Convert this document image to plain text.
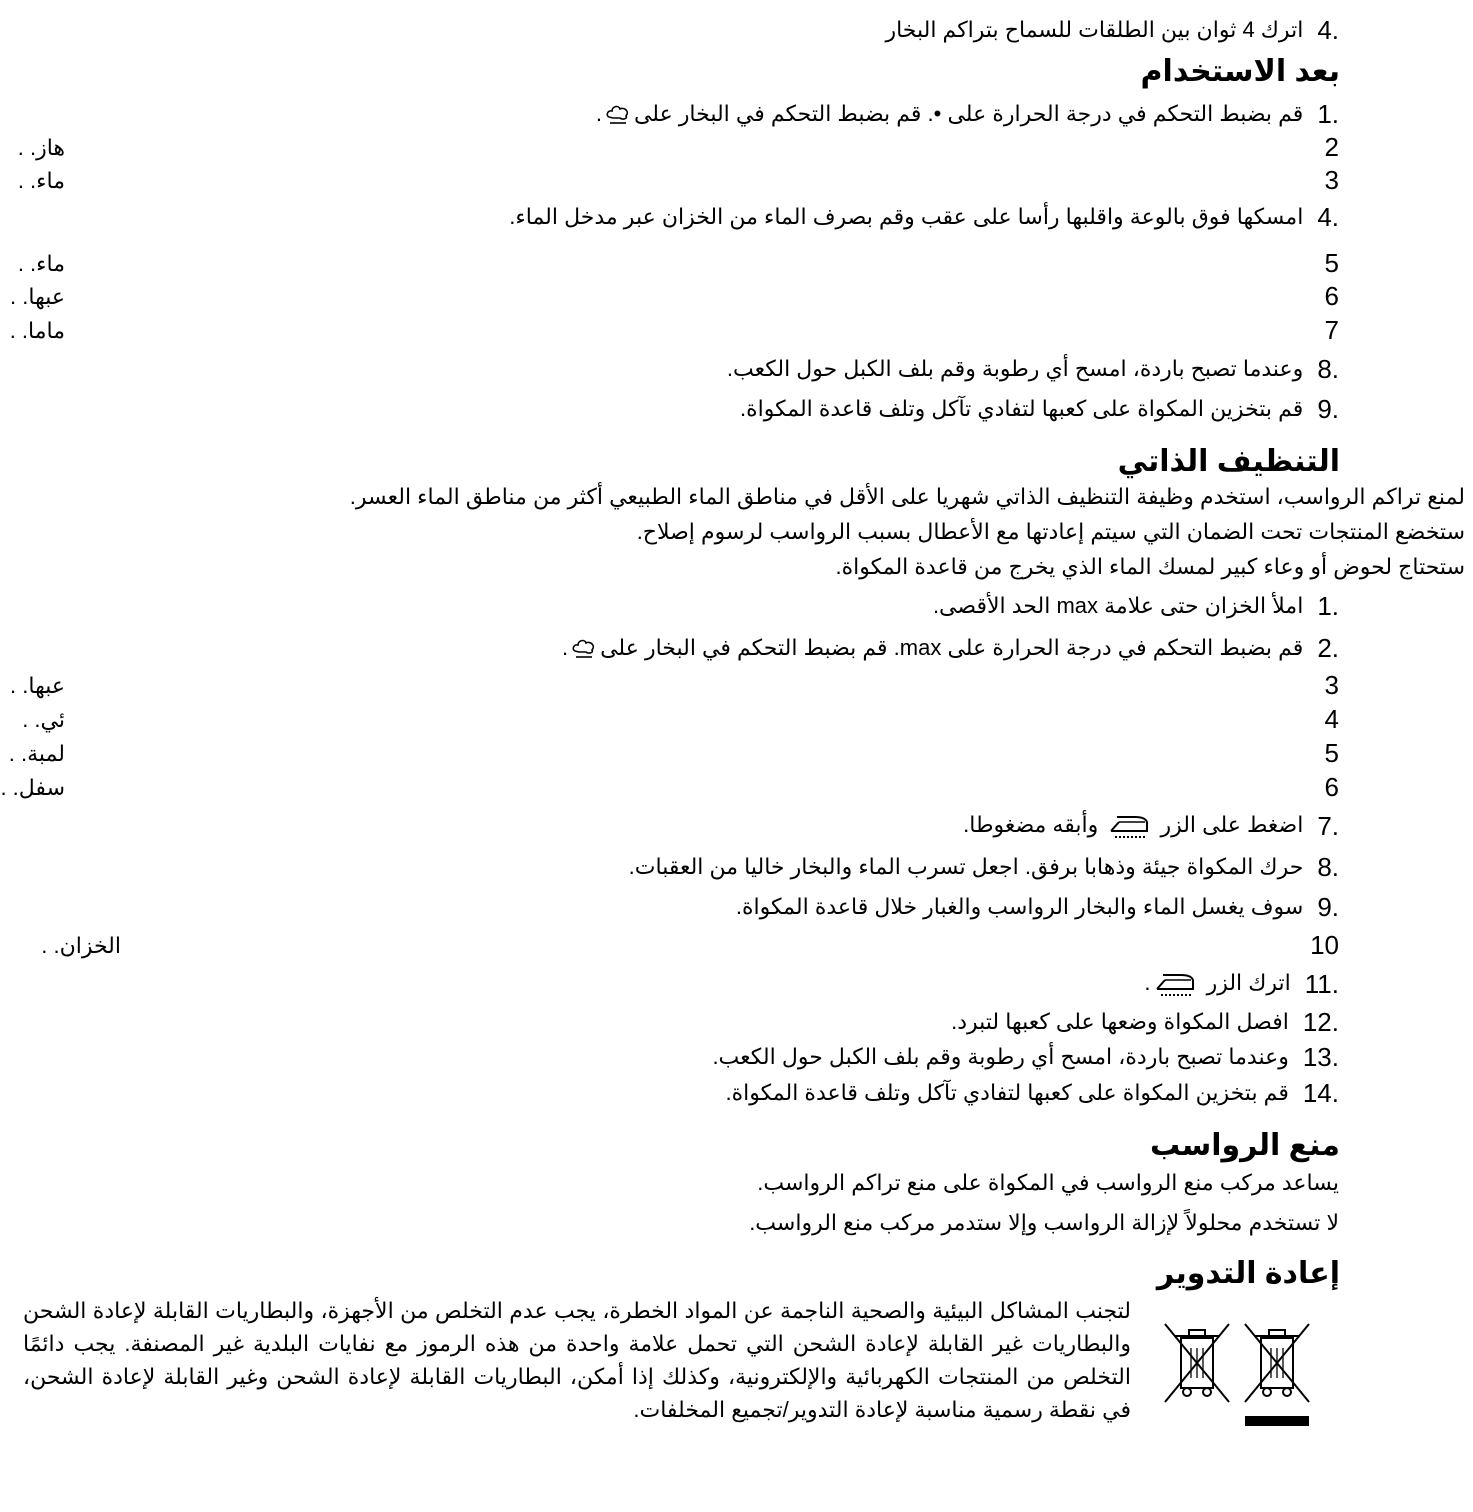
4.
اترك 4 ثوان بين الطلقات للسماح بتراكم البخار
بعد الاستخدام
1.
قم بضبط التحكم في درجة الحرارة على •. قم بضبط التحكم في البخار على.
2
3
4.
امسكها فوق بالوعة واقلبها رأسا على عقب وقم بصرف الماء من الخزان عبر مدخل الماء.
5
6
7
8.
وعندما تصبح باردة، امسح أي رطوبة وقم بلف الكبل حول الكعب.
9.
قم بتخزين المكواة على كعبها لتفادي تآكل وتلف قاعدة المكواة.
هاز. .
ماء. .
ماء. .
عبها. .
ماما. .
التنظيف الذاتي
لمنع تراكم الرواسب، استخدم وظيفة التنظيف الذاتي شهريا على الأقل في مناطق الماء الطبيعي أكثر من مناطق الماء العسر.
ستخضع المنتجات تحت الضمان التي سيتم إعادتها مع الأعطال بسبب الرواسب لرسوم إصلاح.
ستحتاج لحوض أو وعاء كبير لمسك الماء الذي يخرج من قاعدة المكواة.
1.
املأ الخزان حتى علامة max الحد الأقصى.
2.
قم بضبط التحكم في درجة الحرارة على max. قم بضبط التحكم في البخار على.
3
4
5
6
7.
اضغط على الزر  وأبقه مضغوطا.
8.
حرك المكواة جيئة وذهابا برفق. اجعل تسرب الماء والبخار خاليا من العقبات.
9.
سوف يغسل الماء والبخار الرواسب والغبار خلال قاعدة المكواة.
10
11.
اترك الزر .
12.
افصل المكواة وضعها على كعبها لتبرد.
13.
وعندما تصبح باردة، امسح أي رطوبة وقم بلف الكبل حول الكعب.
14.
قم بتخزين المكواة على كعبها لتفادي تآكل وتلف قاعدة المكواة.
عبها. .
ئي. .
لمبة. .
سفل. .
الخزان. .
منع الرواسب
يساعد مركب منع الرواسب في المكواة على منع تراكم الرواسب.
لا تستخدم محلولاً لإزالة الرواسب وإلا ستدمر مركب منع الرواسب.
إعادة التدوير
لتجنب المشاكل البيئية والصحية الناجمة عن المواد الخطرة، يجب عدم التخلص من الأجهزة، والبطاريات القابلة لإعادة الشحن والبطاريات غير القابلة لإعادة الشحن التي تحمل علامة واحدة من هذه الرموز مع نفايات البلدية غير المصنفة. يجب دائمًا التخلص من المنتجات الكهربائية والإلكترونية، وكذلك إذا أمكن، البطاريات القابلة لإعادة الشحن وغير القابلة لإعادة الشحن، في نقطة رسمية مناسبة لإعادة التدوير/تجميع المخلفات.
